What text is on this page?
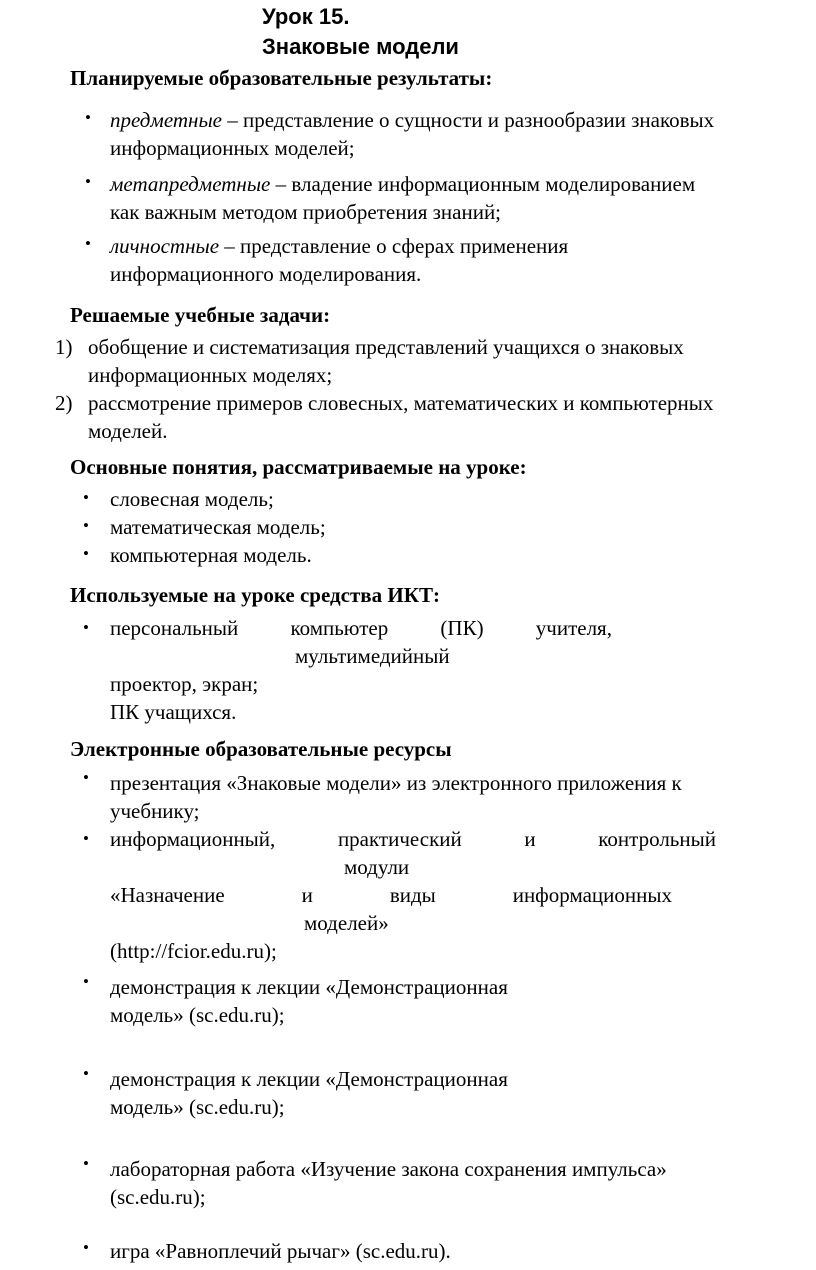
Урок 15.
Знаковые модели
Планируемые образовательные результаты:
• предметные – представление о сущности и разнообразии знаковых
информационных моделей;
• метапредметные – владение информационным моделированием
как важным методом приобретения знаний;
• личностные – представление о сферах применения
информационного моделирования.
Решаемые учебные задачи:
1) обобщение и систематизация представлений учащихся о знаковых
информационных моделях;
2) рассмотрение примеров словесных, математических и компьютерных
моделей.
Основные понятия, рассматриваемые на уроке:
• словесная модель;
• математическая модель;
• компьютерная модель.
Используемые на уроке средства ИКТ:
• персональный компьютер (ПК) учителя,
мультимедийный
проектор, экран;
ПК учащихся.
Электронные образовательные ресурсы
• презентация «Знаковые модели» из электронного приложения к
учебнику;
• информационный,	практический	и	контрольный
модули
«Назначение	и	виды	информационных
моделей»
(http://fcior.edu.ru);
• демонстрация к лекции «Демонстрационная
модель» (sc.edu.ru);
• демонстрация к лекции «Демонстрационная
модель» (sc.edu.ru);
• лабораторная работа «Изучение закона сохранения импульса»
(sc.edu.ru);
• игра «Равноплечий рычаг» (sc.edu.ru).
